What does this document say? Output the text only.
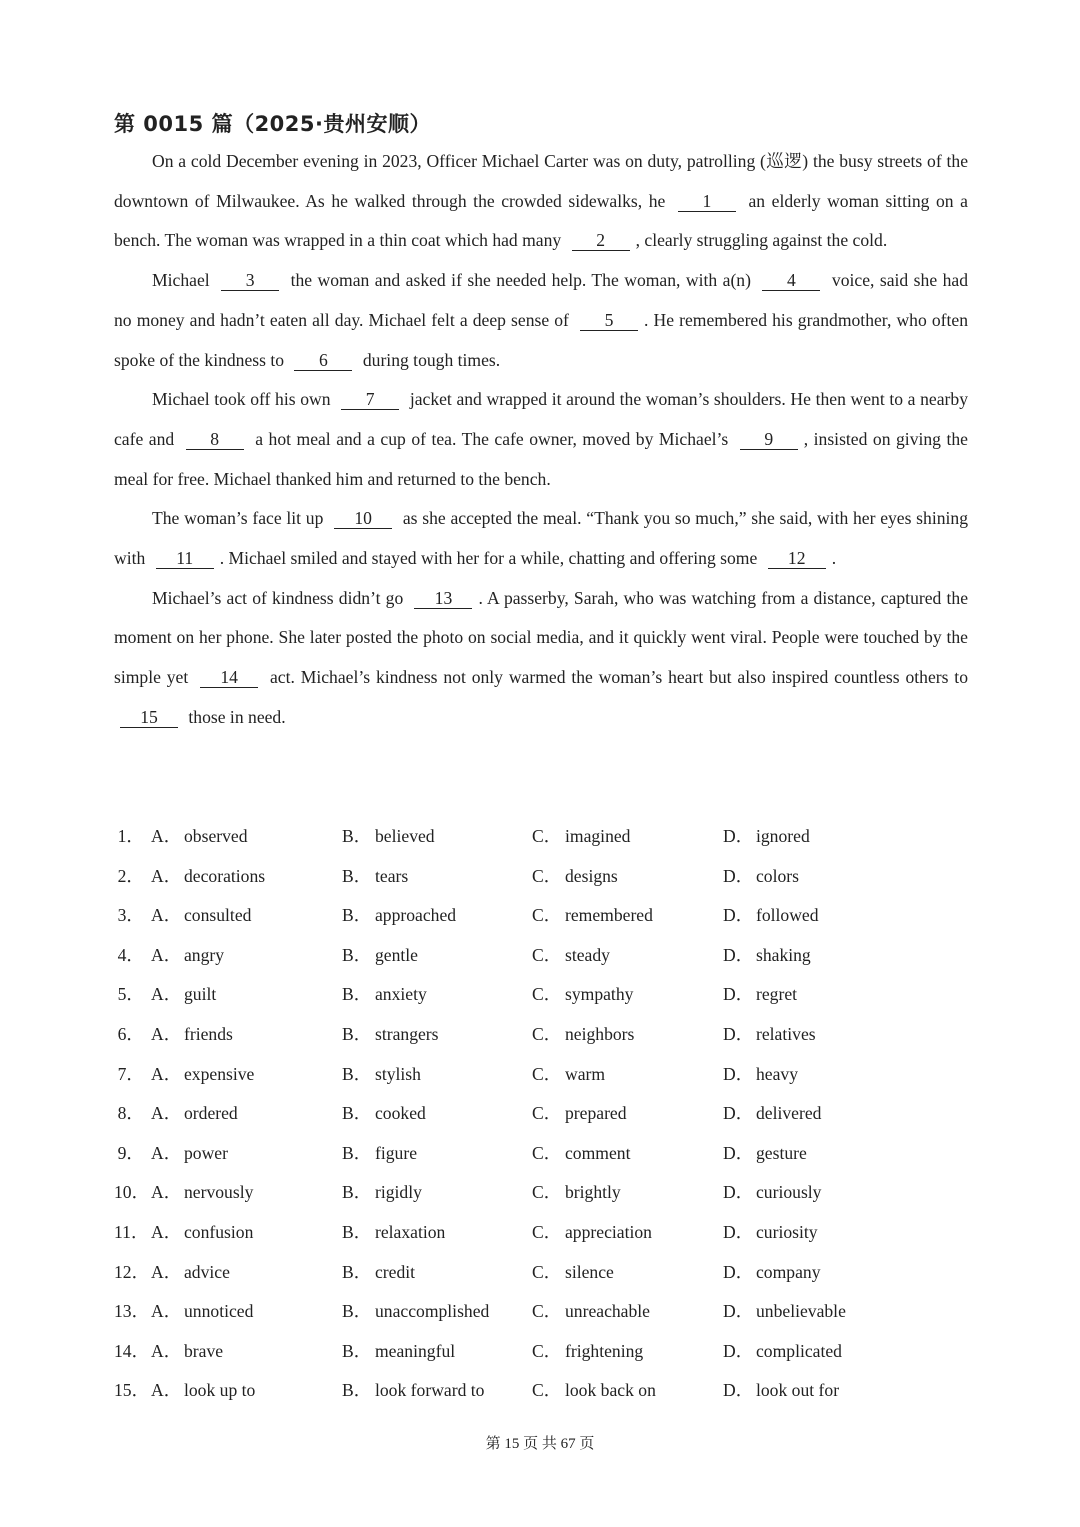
第 0015 篇（2025·贵州安顺）

On a cold December evening in 2023, Officer Michael Carter was on duty, patrolling (巡逻) the busy streets of the downtown of Milwaukee. As he walked through the crowded sidewalks, he 1 an elderly woman sitting on a bench. The woman was wrapped in a thin coat which had many 2 , clearly struggling against the cold.

Michael 3 the woman and asked if she needed help. The woman, with a(n) 4 voice, said she had no money and hadn’t eaten all day. Michael felt a deep sense of 5 . He remembered his grandmother, who often spoke of the kindness to 6 during tough times.

Michael took off his own 7 jacket and wrapped it around the woman’s shoulders. He then went to a nearby cafe and 8 a hot meal and a cup of tea. The cafe owner, moved by Michael’s 9 , insisted on giving the meal for free. Michael thanked him and returned to the bench.

The woman’s face lit up 10 as she accepted the meal. “Thank you so much,” she said, with her eyes shining with 11 . Michael smiled and stayed with her for a while, chatting and offering some 12 .

Michael’s act of kindness didn’t go 13 . A passerby, Sarah, who was watching from a distance, captured the moment on her phone. She later posted the photo on social media, and it quickly went viral. People were touched by the simple yet 14 act. Michael’s kindness not only warmed the woman’s heart but also inspired countless others to 15 those in need.

1． A． observed	B． believed	C． imagined	D． ignored
2． A． decorations	B． tears	C． designs	D． colors
3． A． consulted	B． approached	C． remembered	D． followed
4． A． angry	B． gentle	C． steady	D． shaking
5． A． guilt	B． anxiety	C． sympathy	D． regret
6． A． friends	B． strangers	C． neighbors	D． relatives
7． A． expensive	B． stylish	C． warm	D． heavy
8． A． ordered	B． cooked	C． prepared	D． delivered
9． A． power	B． figure	C． comment	D． gesture
10． A． nervously	B． rigidly	C． brightly	D． curiously
11． A． confusion	B． relaxation	C． appreciation	D． curiosity
12． A． advice	B． credit	C． silence	D． company
13． A． unnoticed	B． unaccomplished C． unreachable	D． unbelievable
14． A． brave	B． meaningful	C． frightening	D． complicated
15． A． look up to	B． look forward to	C． look back on	D． look out for
第 15 页 共 67 页
